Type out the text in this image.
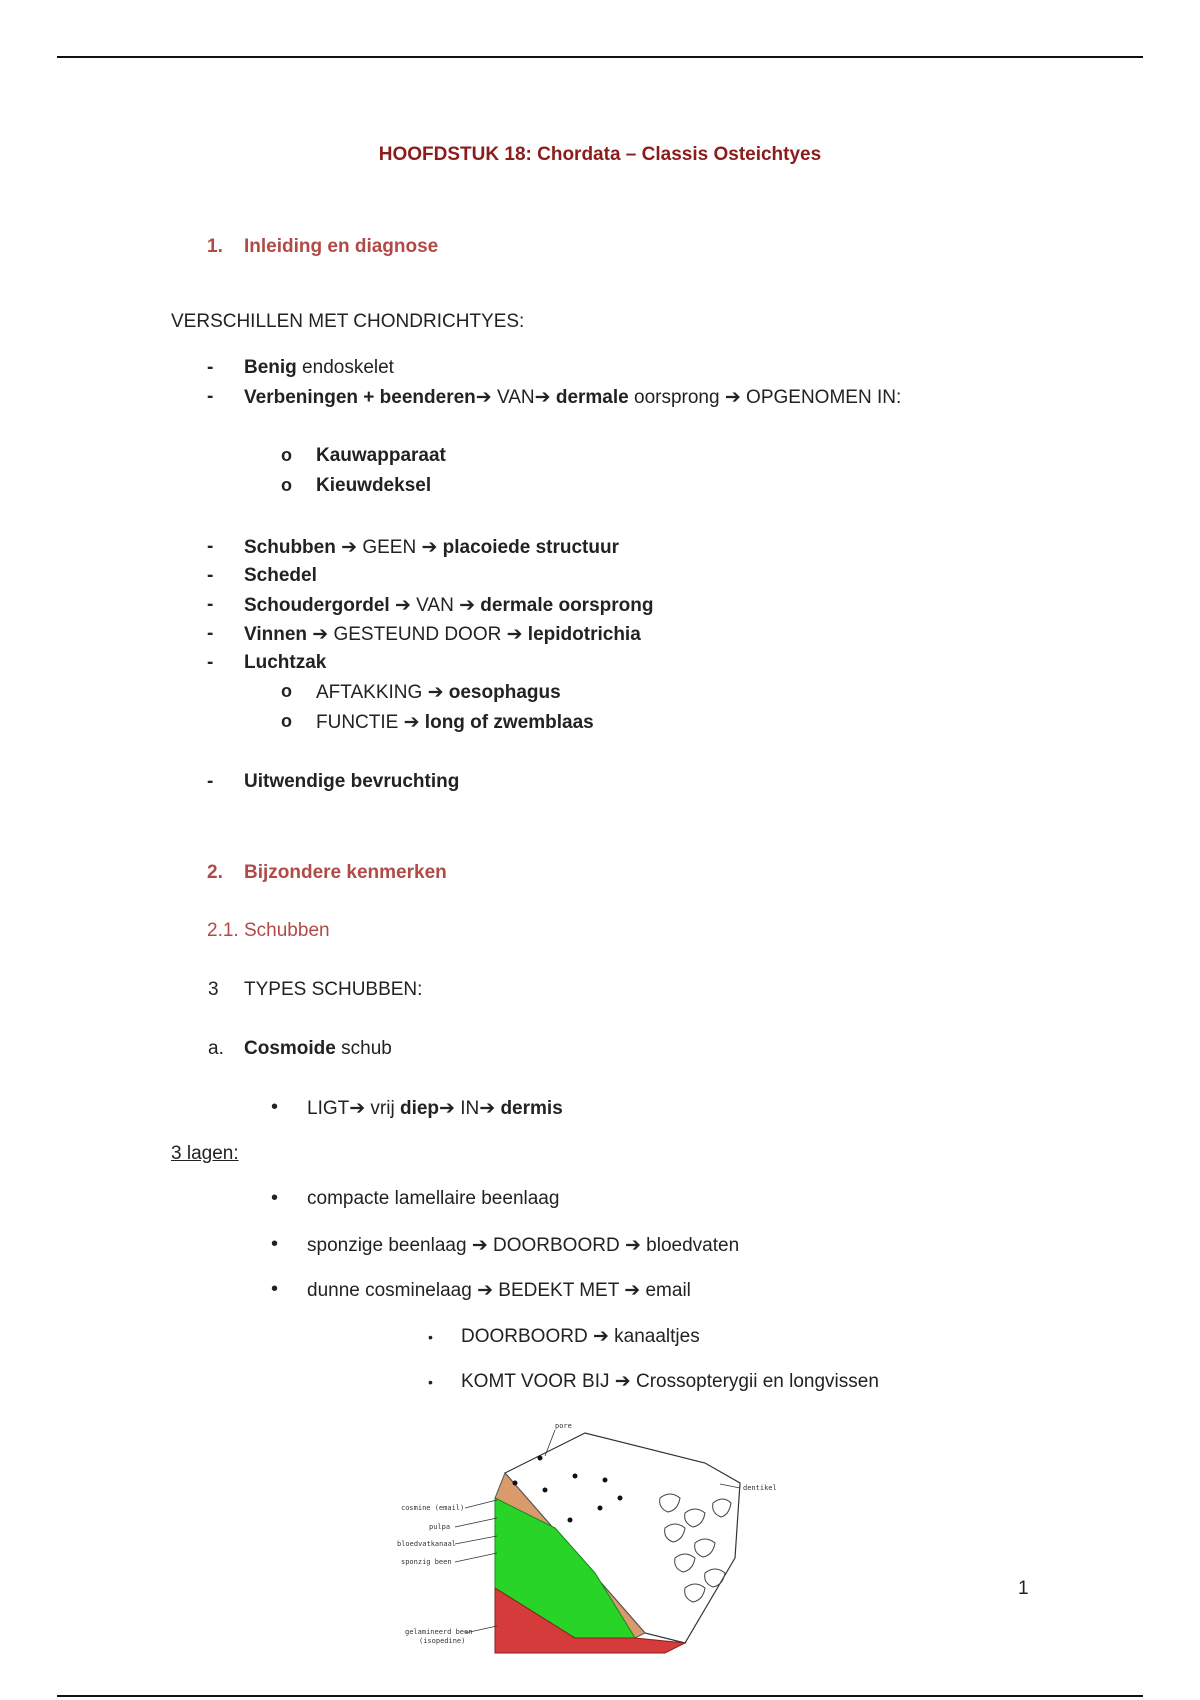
HOOFDSTUK 18: Chordata – Classis Osteichtyes
1. Inleiding en diagnose
VERSCHILLEN MET CHONDRICHTYES:
- Benig endoskelet
- Verbeningen + beenderen➔ VAN➔ dermale oorsprong ➔ OPGENOMEN IN:
o Kauwapparaat
o Kieuwdeksel
- Schubben ➔ GEEN ➔ placoiede structuur
- Schedel
- Schoudergordel ➔ VAN ➔ dermale oorsprong
- Vinnen ➔ GESTEUND DOOR ➔ lepidotrichia
- Luchtzak
o AFTAKKING ➔ oesophagus
o FUNCTIE ➔ long of zwemblaas
- Uitwendige bevruchting
2. Bijzondere kenmerken
2.1. Schubben
3 TYPES SCHUBBEN:
a. Cosmoide schub
• LIGT➔ vrij diep➔ IN➔ dermis
3 lagen:
• compacte lamellaire beenlaag
• sponzige beenlaag ➔ DOORBOORD ➔ bloedvaten
• dunne cosminelaag ➔ BEDEKT MET ➔ email
• DOORBOORD ➔ kanaaltjes
• KOMT VOOR BIJ ➔ Crossopterygii en longvissen
pore
dentikel
cosmine (email)
pulpa
bloedvatkanaal
sponzig been
gelamineerd been
(isopedine)
1
